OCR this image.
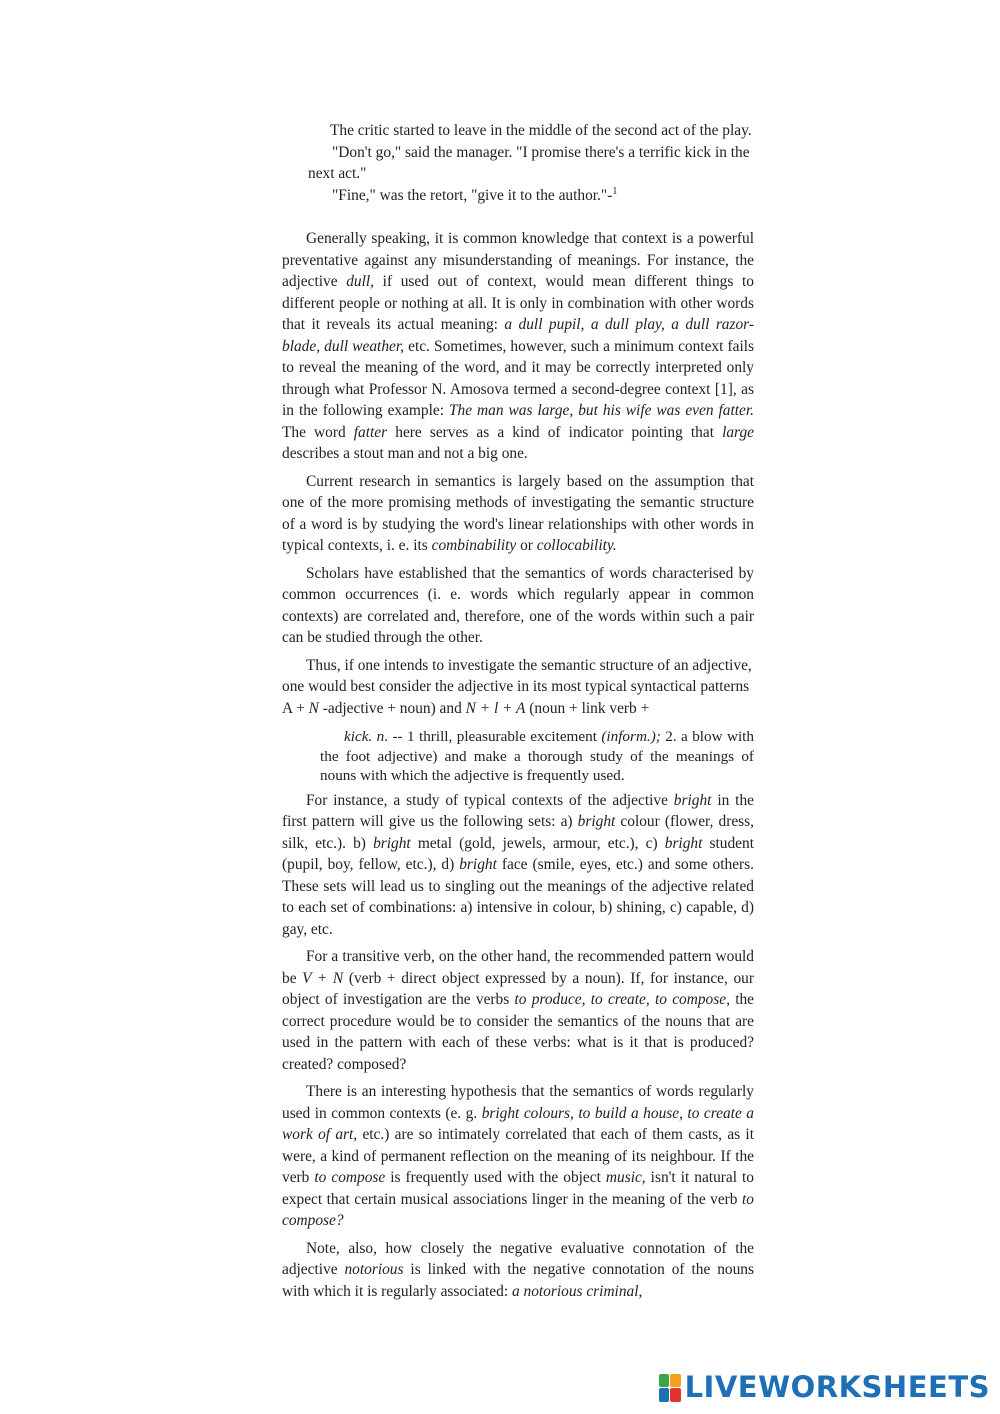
The critic started to leave in the middle of the second act of the play.

"Don't go," said the manager. "I promise there's a terrific kick in the next act."

"Fine," was the retort, "give it to the author."-$^1$

Generally speaking, it is common knowledge that context is a powerful preventative against any misunderstanding of meanings. For instance, the adjective dull, if used out of context, would mean different things to different people or nothing at all. It is only in combination with other words that it reveals its actual meaning: a dull pupil, a dull play, a dull razor-blade, dull weather, etc. Sometimes, however, such a minimum context fails to reveal the meaning of the word, and it may be correctly interpreted only through what Professor N. Amosova termed a second-degree context [1], as in the following example: The man was large, but his wife was even fatter. The word fatter here serves as a kind of indicator pointing that large describes a stout man and not a big one.

Current research in semantics is largely based on the assumption that one of the more promising methods of investigating the semantic structure of a word is by studying the word's linear relationships with other words in typical contexts, i. e. its combinability or collocability.

Scholars have established that the semantics of words characterised by common occurrences (i. e. words which regularly appear in common contexts) are correlated and, therefore, one of the words within such a pair can be studied through the other.

Thus, if one intends to investigate the semantic structure of an adjective, one would best consider the adjective in its most typical syntactical patterns A + N -adjective + noun) and N + l + A (noun + link verb +

kick. n. -- 1 thrill, pleasurable excitement (inform.); 2. a blow with the foot adjective) and make a thorough study of the meanings of nouns with which the adjective is frequently used.

For instance, a study of typical contexts of the adjective bright in the first pattern will give us the following sets: a) bright colour (flower, dress, silk, etc.). b) bright metal (gold, jewels, armour, etc.), c) bright student (pupil, boy, fellow, etc.), d) bright face (smile, eyes, etc.) and some others. These sets will lead us to singling out the meanings of the adjective related to each set of combinations: a) intensive in colour, b) shining, c) capable, d) gay, etc.

For a transitive verb, on the other hand, the recommended pattern would be V + N (verb + direct object expressed by a noun). If, for instance, our object of investigation are the verbs to produce, to create, to compose, the correct procedure would be to consider the semantics of the nouns that are used in the pattern with each of these verbs: what is it that is produced? created? composed?

There is an interesting hypothesis that the semantics of words regularly used in common contexts (e. g. bright colours, to build a house, to create a work of art, etc.) are so intimately correlated that each of them casts, as it were, a kind of permanent reflection on the meaning of its neighbour. If the verb to compose is frequently used with the object music, isn't it natural to expect that certain musical associations linger in the meaning of the verb to compose?

Note, also, how closely the negative evaluative connotation of the adjective notorious is linked with the negative connotation of the nouns with which it is regularly associated: a notorious criminal,

LIVEWORKSHEETS
